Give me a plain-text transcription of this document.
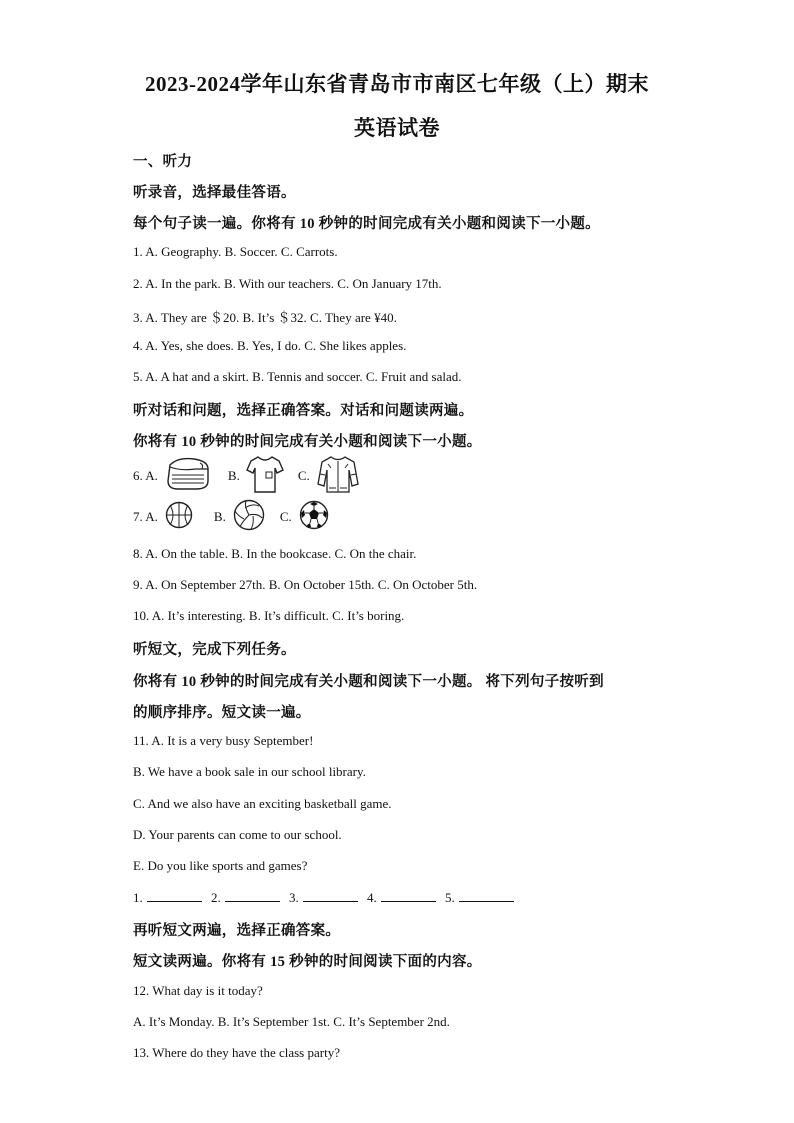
2023-2024学年山东省青岛市市南区七年级（上）期末
英语试卷
一、听力
听录音，选择最佳答语。
每个句子读一遍。你将有 10 秒钟的时间完成有关小题和阅读下一小题。
1. A. Geography. B. Soccer. C. Carrots.
2. A. In the park. B. With our teachers. C. On January 17th.
3. A. They are ＄20. B. It’s ＄32. C. They are ¥40.
4. A. Yes, she does. B. Yes, I do. C. She likes apples.
5. A. A hat and a skirt. B. Tennis and soccer. C. Fruit and salad.
听对话和问题，选择正确答案。对话和问题读两遍。
你将有 10 秒钟的时间完成有关小题和阅读下一小题。
6. A.	B.	C.
7. A.	B.	C.
8. A. On the table. B. In the bookcase. C. On the chair.
9. A. On September 27th. B. On October 15th. C. On October 5th.
10. A. It’s interesting. B. It’s difficult. C. It’s boring.
听短文，完成下列任务。
你将有 10 秒钟的时间完成有关小题和阅读下一小题。 将下列句子按听到
的顺序排序。短文读一遍。
11. A. It is a very busy September!
B. We have a book sale in our school library.
C. And we also have an exciting basketball game.
D. Your parents can come to our school.
E. Do you like sports and games?
1.	2.	3.	4.	5.
再听短文两遍，选择正确答案。
短文读两遍。你将有 15 秒钟的时间阅读下面的内容。
12. What day is it today?
A. It’s Monday. B. It’s September 1st. C. It’s September 2nd.
13. Where do they have the class party?
